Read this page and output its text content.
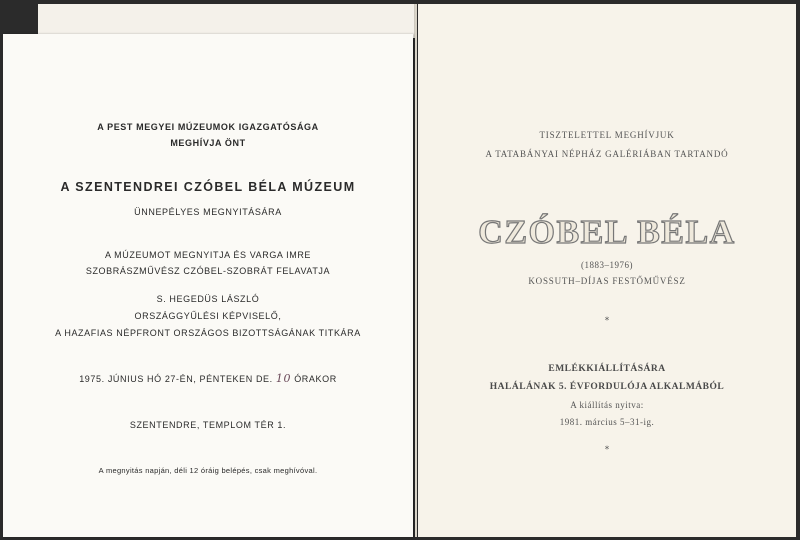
A PEST MEGYEI MÚZEUMOK IGAZGATÓSÁGA
MEGHÍVJA ÖNT
A SZENTENDREI CZÓBEL BÉLA MÚZEUM
ÜNNEPÉLYES MEGNYITÁSÁRA
A MÚZEUMOT MEGNYITJA ÉS VARGA IMRE
SZOBRÁSZMŰVÉSZ CZÓBEL-SZOBRÁT FELAVATJA
S. HEGEDÜS LÁSZLÓ
ORSZÁGGYŰLÉSI KÉPVISELŐ,
A HAZAFIAS NÉPFRONT ORSZÁGOS BIZOTTSÁGÁNAK TITKÁRA
1975. JÚNIUS HÓ 27-ÉN, PÉNTEKEN DE. 10 ÓRAKOR
SZENTENDRE, TEMPLOM TÉR 1.
A megnyitás napján, déli 12 óráig belépés, csak meghívóval.
TISZTELETTEL MEGHÍVJUK
A TATABÁNYAI NÉPHÁZ GALÉRIÁBAN TARTANDÓ
CZÓBEL BÉLA
(1883–1976)
KOSSUTH–DÍJAS FESTŐMŰVÉSZ
*
EMLÉKKIÁLLÍTÁSÁRA
HALÁLÁNAK 5. ÉVFORDULÓJA ALKALMÁBÓL
A kiállítás nyitva:
1981. március 5–31-ig.
*
